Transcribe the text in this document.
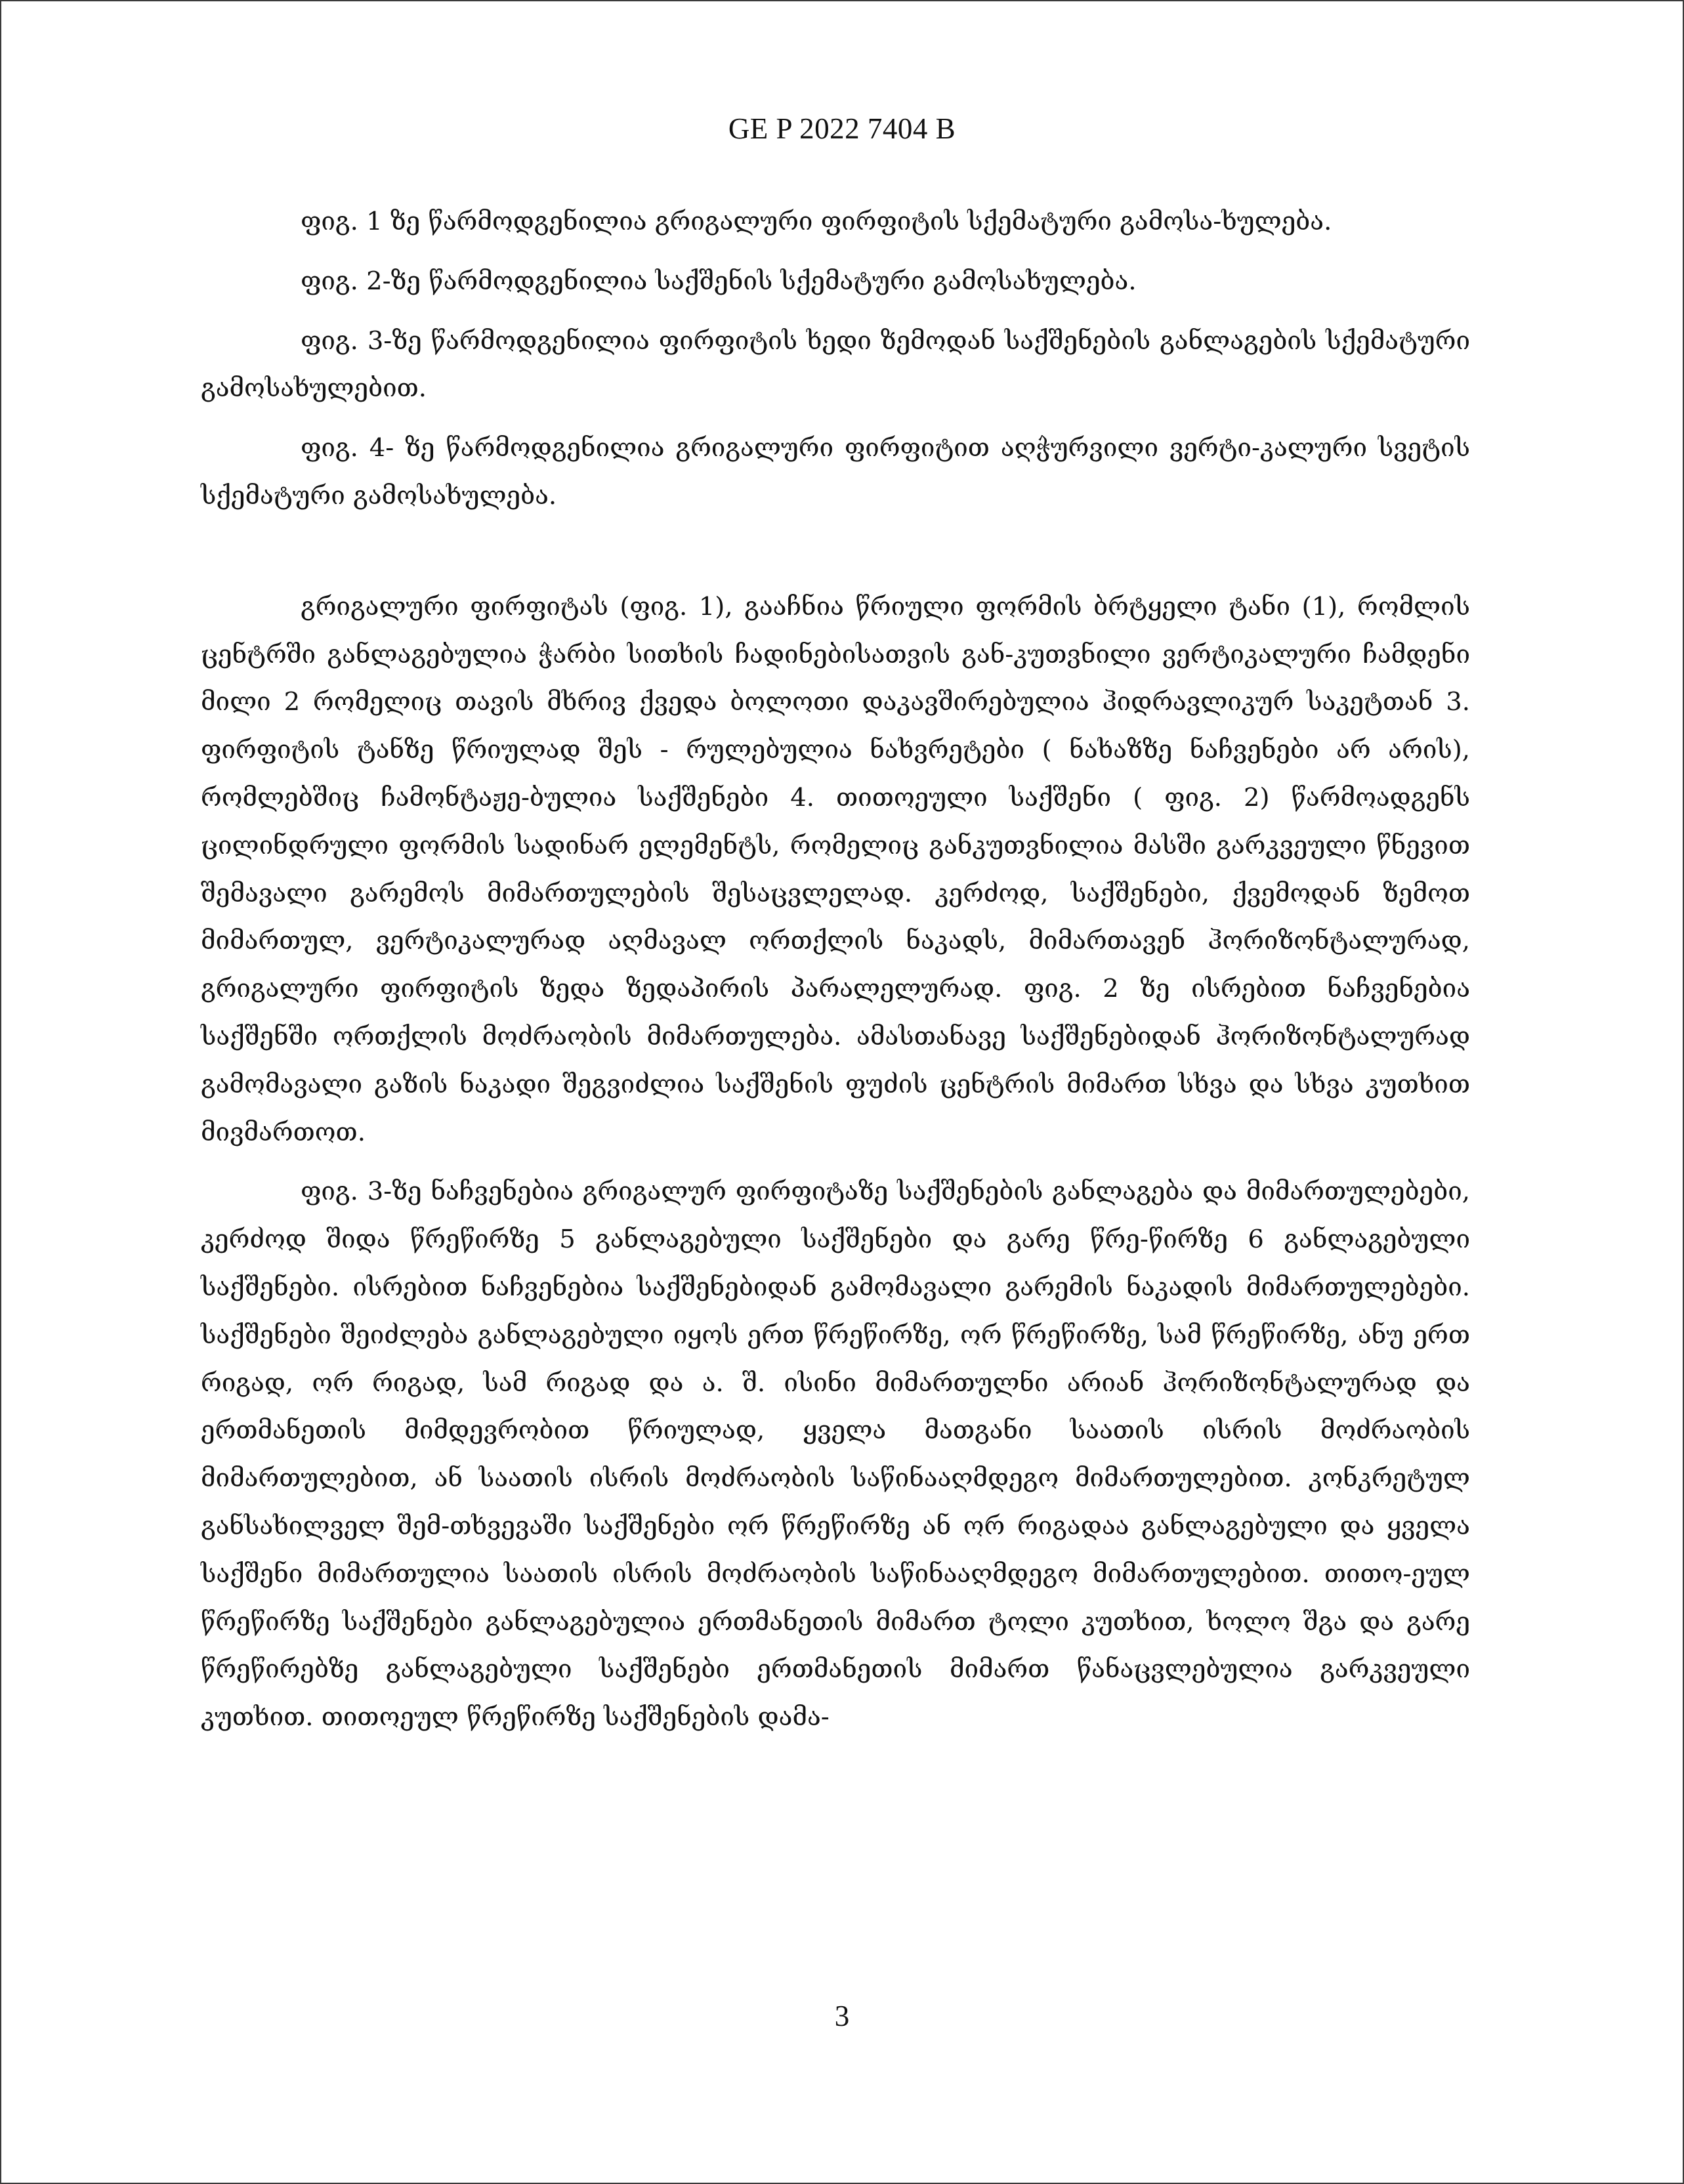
GE P 2022 7404 B

ფიგ. 1 ზე წარმოდგენილია გრიგალური ფირფიტის სქემატური გამოსა-ხულება.

ფიგ. 2-ზე წარმოდგენილია საქშენის სქემატური გამოსახულება.

ფიგ. 3-ზე წარმოდგენილია ფირფიტის ხედი ზემოდან საქშენების განლაგების სქემატური გამოსახულებით.

ფიგ. 4- ზე წარმოდგენილია გრიგალური ფირფიტით აღჭურვილი ვერტი-კალური სვეტის სქემატური გამოსახულება.

გრიგალური ფირფიტას (ფიგ. 1), გააჩნია წრიული ფორმის ბრტყელი ტანი (1), რომლის ცენტრში განლაგებულია ჭარბი სითხის ჩადინებისათვის გან-კუთვნილი ვერტიკალური ჩამდენი მილი 2 რომელიც თავის მხრივ ქვედა ბოლოთი დაკავშირებულია ჰიდრავლიკურ საკეტთან 3. ფირფიტის ტანზე წრიულად შეს - რულებულია ნახვრეტები ( ნახაზზე ნაჩვენები არ არის), რომლებშიც ჩამონტაჟე-ბულია საქშენები 4. თითოეული საქშენი ( ფიგ. 2) წარმოადგენს ცილინდრული ფორმის სადინარ ელემენტს, რომელიც განკუთვნილია მასში გარკვეული წნევით შემავალი გარემოს მიმართულების შესაცვლელად. კერძოდ, საქშენები, ქვემოდან ზემოთ მიმართულ, ვერტიკალურად აღმავალ ორთქლის ნაკადს, მიმართავენ ჰორიზონტალურად, გრიგალური ფირფიტის ზედა ზედაპირის პარალელურად. ფიგ. 2 ზე ისრებით ნაჩვენებია საქშენში ორთქლის მოძრაობის მიმართულება. ამასთანავე საქშენებიდან ჰორიზონტალურად გამომავალი გაზის ნაკადი შეგვიძლია საქშენის ფუძის ცენტრის მიმართ სხვა და სხვა კუთხით მივმართოთ.

ფიგ. 3-ზე ნაჩვენებია გრიგალურ ფირფიტაზე საქშენების განლაგება და მიმართულებები, კერძოდ შიდა წრეწირზე 5 განლაგებული საქშენები და გარე წრე-წირზე 6 განლაგებული საქშენები. ისრებით ნაჩვენებია საქშენებიდან გამომავალი გარემის ნაკადის მიმართულებები. საქშენები შეიძლება განლაგებული იყოს ერთ წრეწირზე, ორ წრეწირზე, სამ წრეწირზე, ანუ ერთ რიგად, ორ რიგად, სამ რიგად და ა. შ. ისინი მიმართულნი არიან ჰორიზონტალურად და ერთმანეთის მიმდევრობით წრიულად, ყველა მათგანი საათის ისრის მოძრაობის მიმართულებით, ან საათის ისრის მოძრაობის საწინააღმდეგო მიმართულებით. კონკრეტულ განსახილველ შემ-თხვევაში საქშენები ორ წრეწირზე ან ორ რიგადაა განლაგებული და ყველა საქშენი მიმართულია საათის ისრის მოძრაობის საწინააღმდეგო მიმართულებით. თითო-ეულ წრეწირზე საქშენები განლაგებულია ერთმანეთის მიმართ ტოლი კუთხით, ხოლო შგა და გარე წრეწირებზე განლაგებული საქშენები ერთმანეთის მიმართ წანაცვლებულია გარკვეული კუთხით. თითოეულ წრეწირზე საქშენების დამა-

3
